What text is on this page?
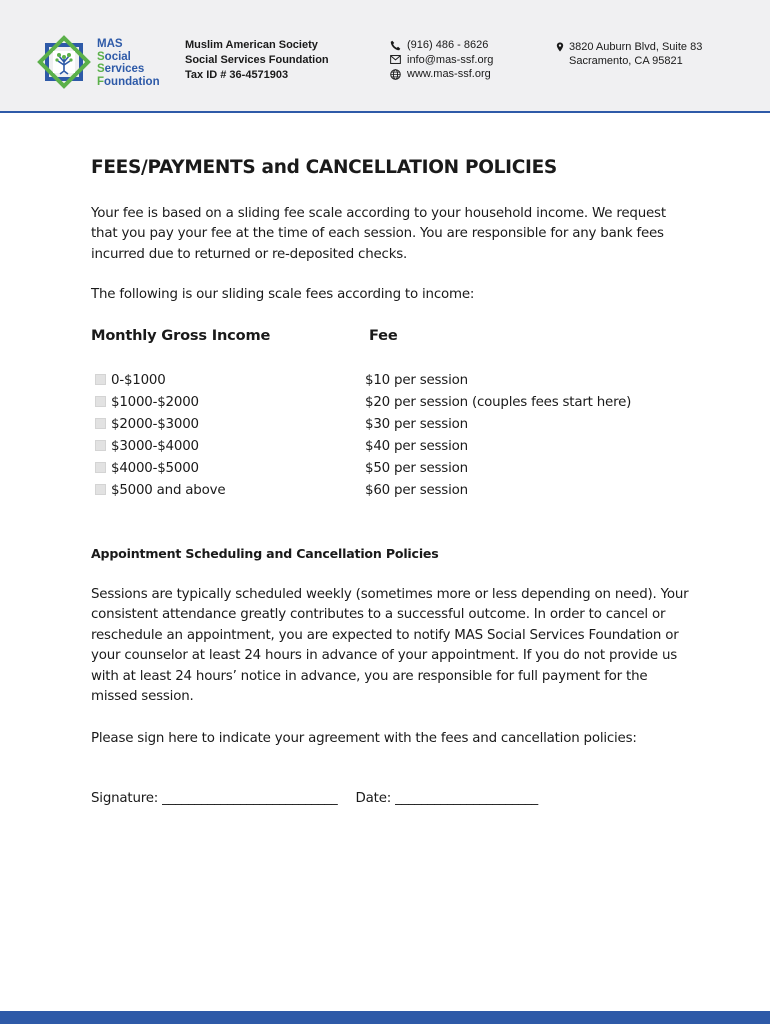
MAS
Social
Services
Foundation
Muslim American Society
Social Services Foundation
Tax ID # 36-4571903
(916) 486 - 8626
info@mas-ssf.org
www.mas-ssf.org
3820 Auburn Blvd, Suite 83
Sacramento, CA 95821
FEES/PAYMENTS and CANCELLATION POLICIES

Your fee is based on a sliding fee scale according to your household income. We request that you pay your fee at the time of each session. You are responsible for any bank fees incurred due to returned or re-deposited checks.

The following is our sliding scale fees according to income:

Monthly Gross Income	Fee
0-$1000	$10 per session
$1000-$2000	$20 per session (couples fees start here)
$2000-$3000	$30 per session
$3000-$4000	$40 per session
$4000-$5000	$50 per session
$5000 and above	$60 per session
Appointment Scheduling and Cancellation Policies

Sessions are typically scheduled weekly (sometimes more or less depending on need). Your consistent attendance greatly contributes to a successful outcome. In order to cancel or reschedule an appointment, you are expected to notify MAS Social Services Foundation or your counselor at least 24 hours in advance of your appointment. If you do not provide us with at least 24 hours’ notice in advance, you are responsible for full payment for the missed session.

Please sign here to indicate your agreement with the fees and cancellation policies:

Signature: ___________________________ Date: ______________________
